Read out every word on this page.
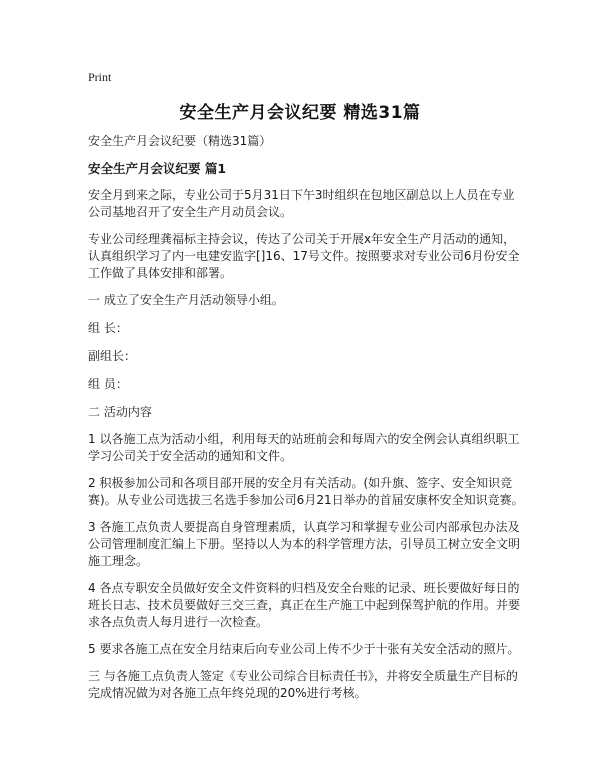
Print
安全生产月会议纪要 精选31篇

安全生产月会议纪要（精选31篇）

安全生产月会议纪要 篇1

安全月到来之际，专业公司于5月31日下午3时组织在包地区副总以上人员在专业公司基地召开了安全生产月动员会议。

专业公司经理龚福标主持会议，传达了公司关于开展x年安全生产月活动的通知，认真组织学习了内一电建安监字[]16、17号文件。按照要求对专业公司6月份安全工作做了具体安排和部署。

一 成立了安全生产月活动领导小组。

组 长：

副组长：

组 员：

二 活动内容

1 以各施工点为活动小组，利用每天的站班前会和每周六的安全例会认真组织职工学习公司关于安全活动的通知和文件。

2 积极参加公司和各项目部开展的安全月有关活动。(如升旗、签字、安全知识竞赛)。从专业公司选拔三名选手参加公司6月21日举办的首届安康杯安全知识竞赛。

3 各施工点负责人要提高自身管理素质，认真学习和掌握专业公司内部承包办法及公司管理制度汇编上下册。坚持以人为本的科学管理方法，引导员工树立安全文明施工理念。

4 各点专职安全员做好安全文件资料的归档及安全台账的记录、班长要做好每日的班长日志、技术员要做好三交三查，真正在生产施工中起到保驾护航的作用。并要求各点负责人每月进行一次检查。

5 要求各施工点在安全月结束后向专业公司上传不少于十张有关安全活动的照片。

三 与各施工点负责人签定《专业公司综合目标责任书》，并将安全质量生产目标的完成情况做为对各施工点年终兑现的20%进行考核。
